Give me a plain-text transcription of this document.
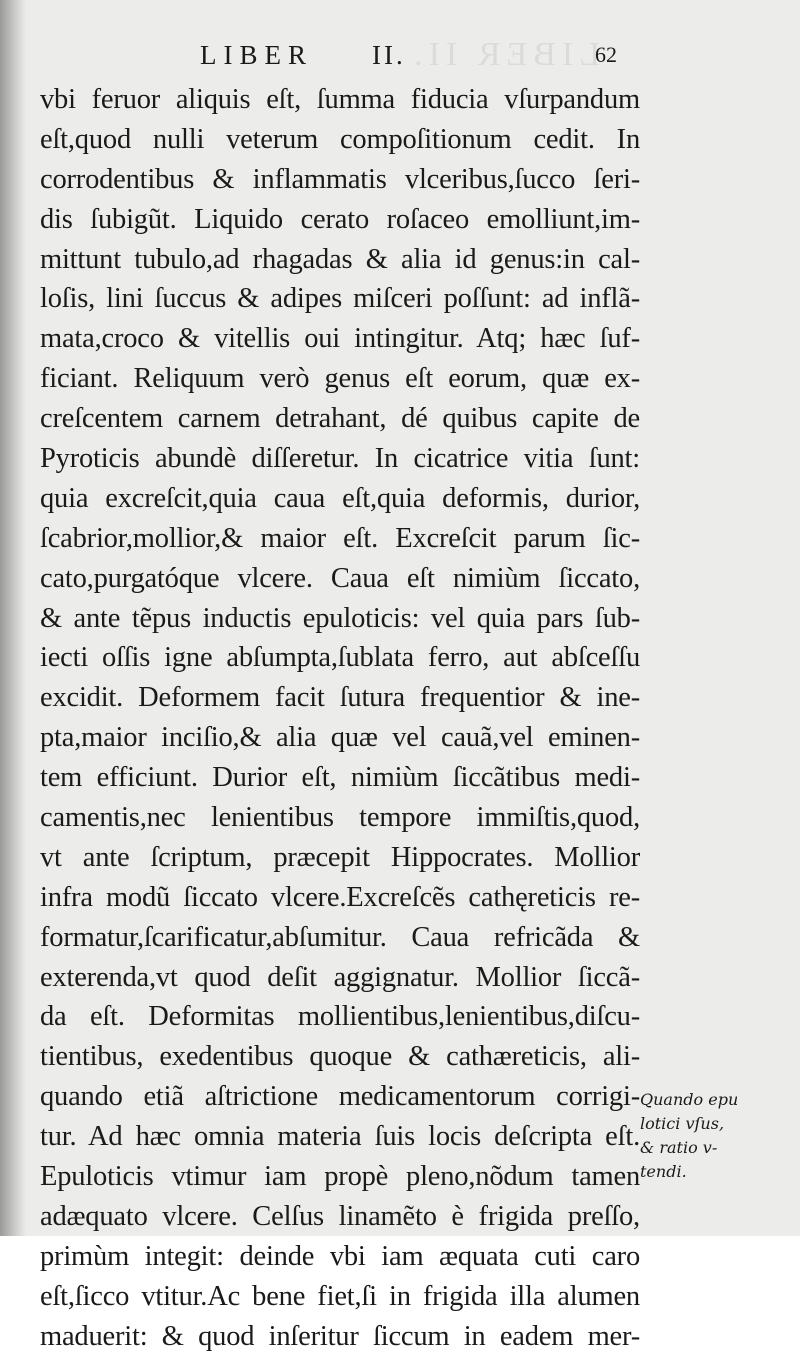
LIBER II.
LIBER II.	62
vbi feruor aliquis eſt, ſumma fiducia vſurpandum
eſt,quod nulli veterum compoſitionum cedit. In
corrodentibus & inflammatis vlceribus,ſucco ſeri-
dis ſubigũt. Liquido cerato roſaceo emolliunt,im-
mittunt tubulo,ad rhagadas & alia id genus:in cal-
loſis, lini ſuccus & adipes miſceri poſſunt: ad inflã-
mata,croco & vitellis oui intingitur. Atq; hæc ſuf-
ficiant. Reliquum verò genus eſt eorum, quæ ex-
creſcentem carnem detrahant, dé quibus capite de
Pyroticis abundè diſſeretur. In cicatrice vitia ſunt:
quia excreſcit,quia caua eſt,quia deformis, durior,
ſcabrior,mollior,& maior eſt. Excreſcit parum ſic-
cato,purgatóque vlcere. Caua eſt nimiùm ſiccato,
& ante tẽpus inductis epuloticis: vel quia pars ſub-
iecti oſſis igne abſumpta,ſublata ferro, aut abſceſſu
excidit. Deformem facit ſutura frequentior & ine-
pta,maior inciſio,& alia quæ vel cauã,vel eminen-
tem efficiunt. Durior eſt, nimiùm ſiccãtibus medi-
camentis,nec lenientibus tempore immiſtis,quod,
vt ante ſcriptum, præcepit Hippocrates. Mollior
infra modũ ſiccato vlcere.Excreſcẽs cathęreticis re-
formatur,ſcarificatur,abſumitur. Caua refricãda &
exterenda,vt quod deſit aggignatur. Mollior ſiccã-
da eſt. Deformitas mollientibus,lenientibus,diſcu-
tientibus, exedentibus quoque & cathæreticis, ali-
quando etiã aſtrictione medicamentorum corrigi-
tur. Ad hæc omnia materia ſuis locis deſcripta eſt.
Epuloticis vtimur iam propè pleno,nõdum tamen
adæquato vlcere. Celſus linamẽto è frigida preſſo,
primùm integit: deinde vbi iam æquata cuti caro
eſt,ſicco vtitur.Ac bene fiet,ſi in frigida illa alumen
maduerit: & quod inſeritur ſiccum in eadem mer-
Quando epu
lotici vſus,
& ratio v-
tendi.
